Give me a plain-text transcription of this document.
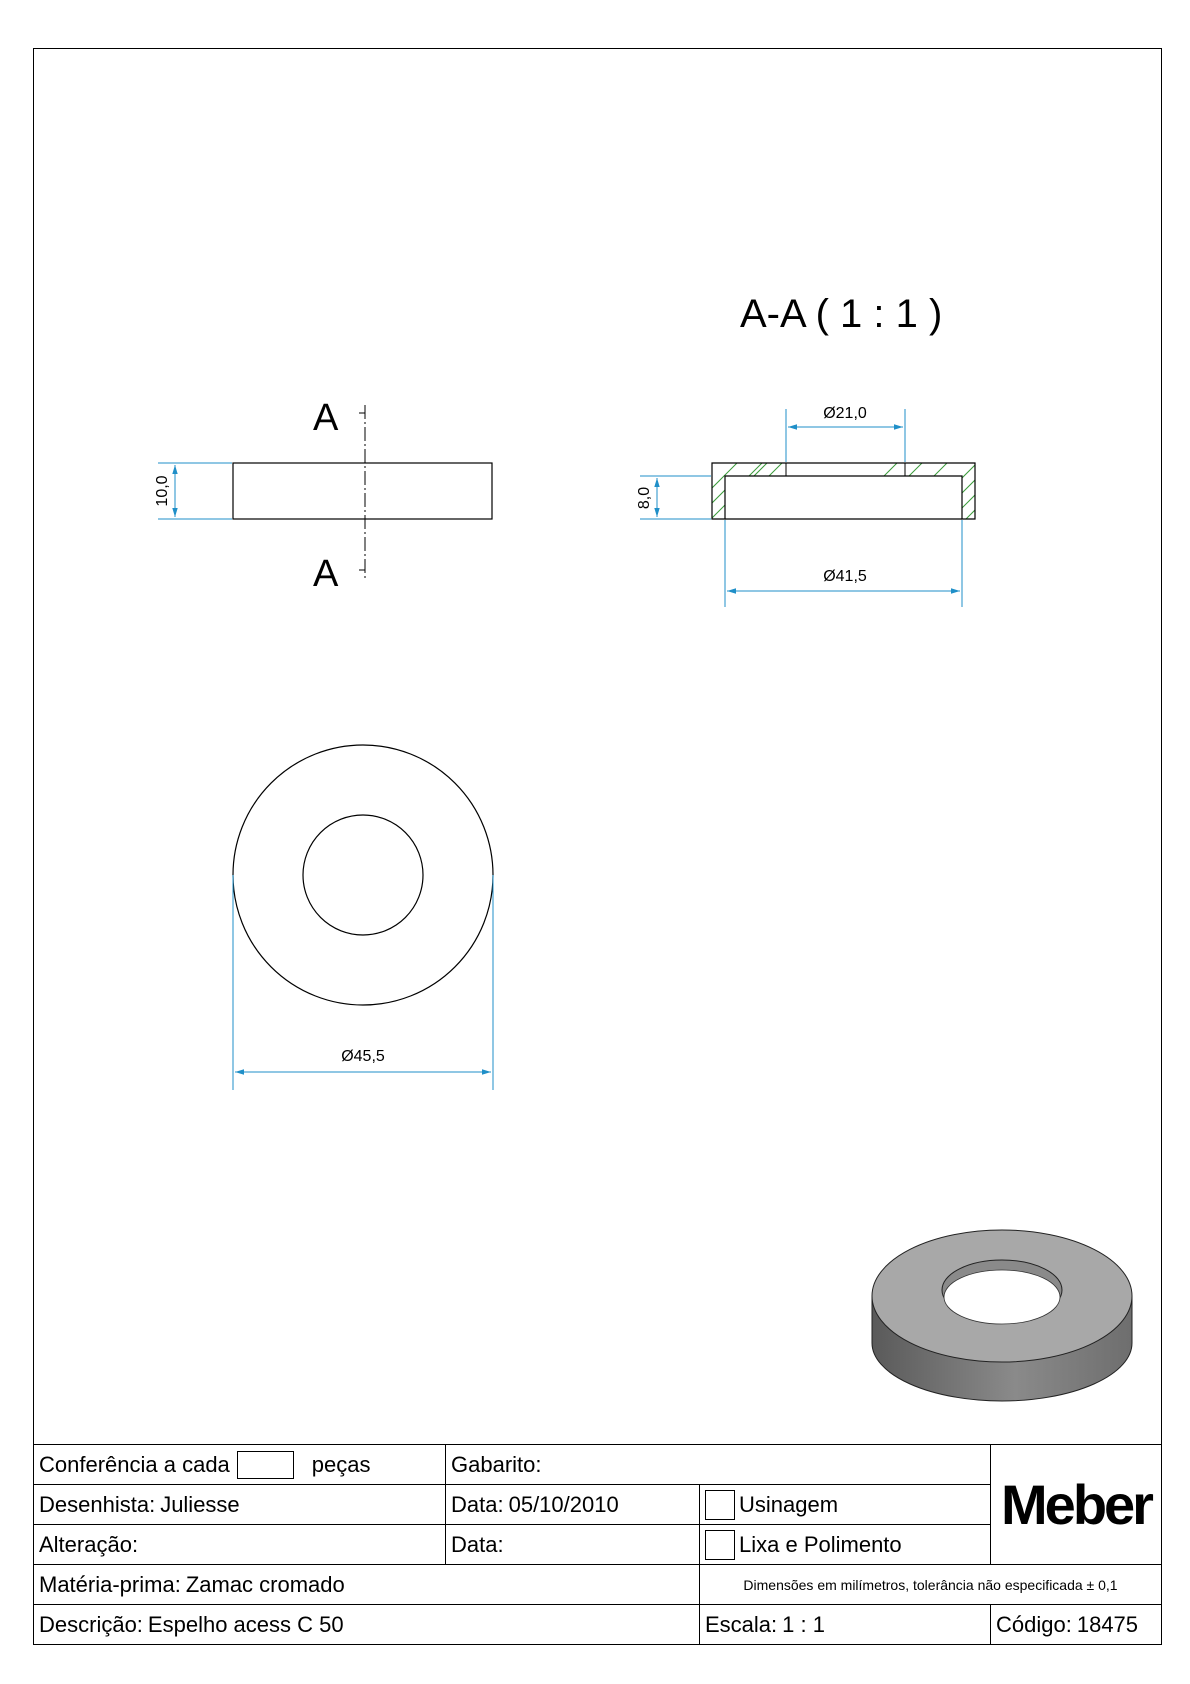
A-A ( 1 : 1 )
A
A
10,0
Ø21,0
8,0
Ø41,5
Ø45,5
Conferência a cada	peças	Gabarito:
Meber
Desenhista: Juliesse	Data: 05/10/2010	Usinagem
Alteração:	Data:	Lixa e Polimento
Matéria-prima: Zamac cromado	Dimensões em milímetros, tolerância não especificada ± 0,1
Descrição: Espelho acess C 50	Escala: 1 : 1	Código: 18475
